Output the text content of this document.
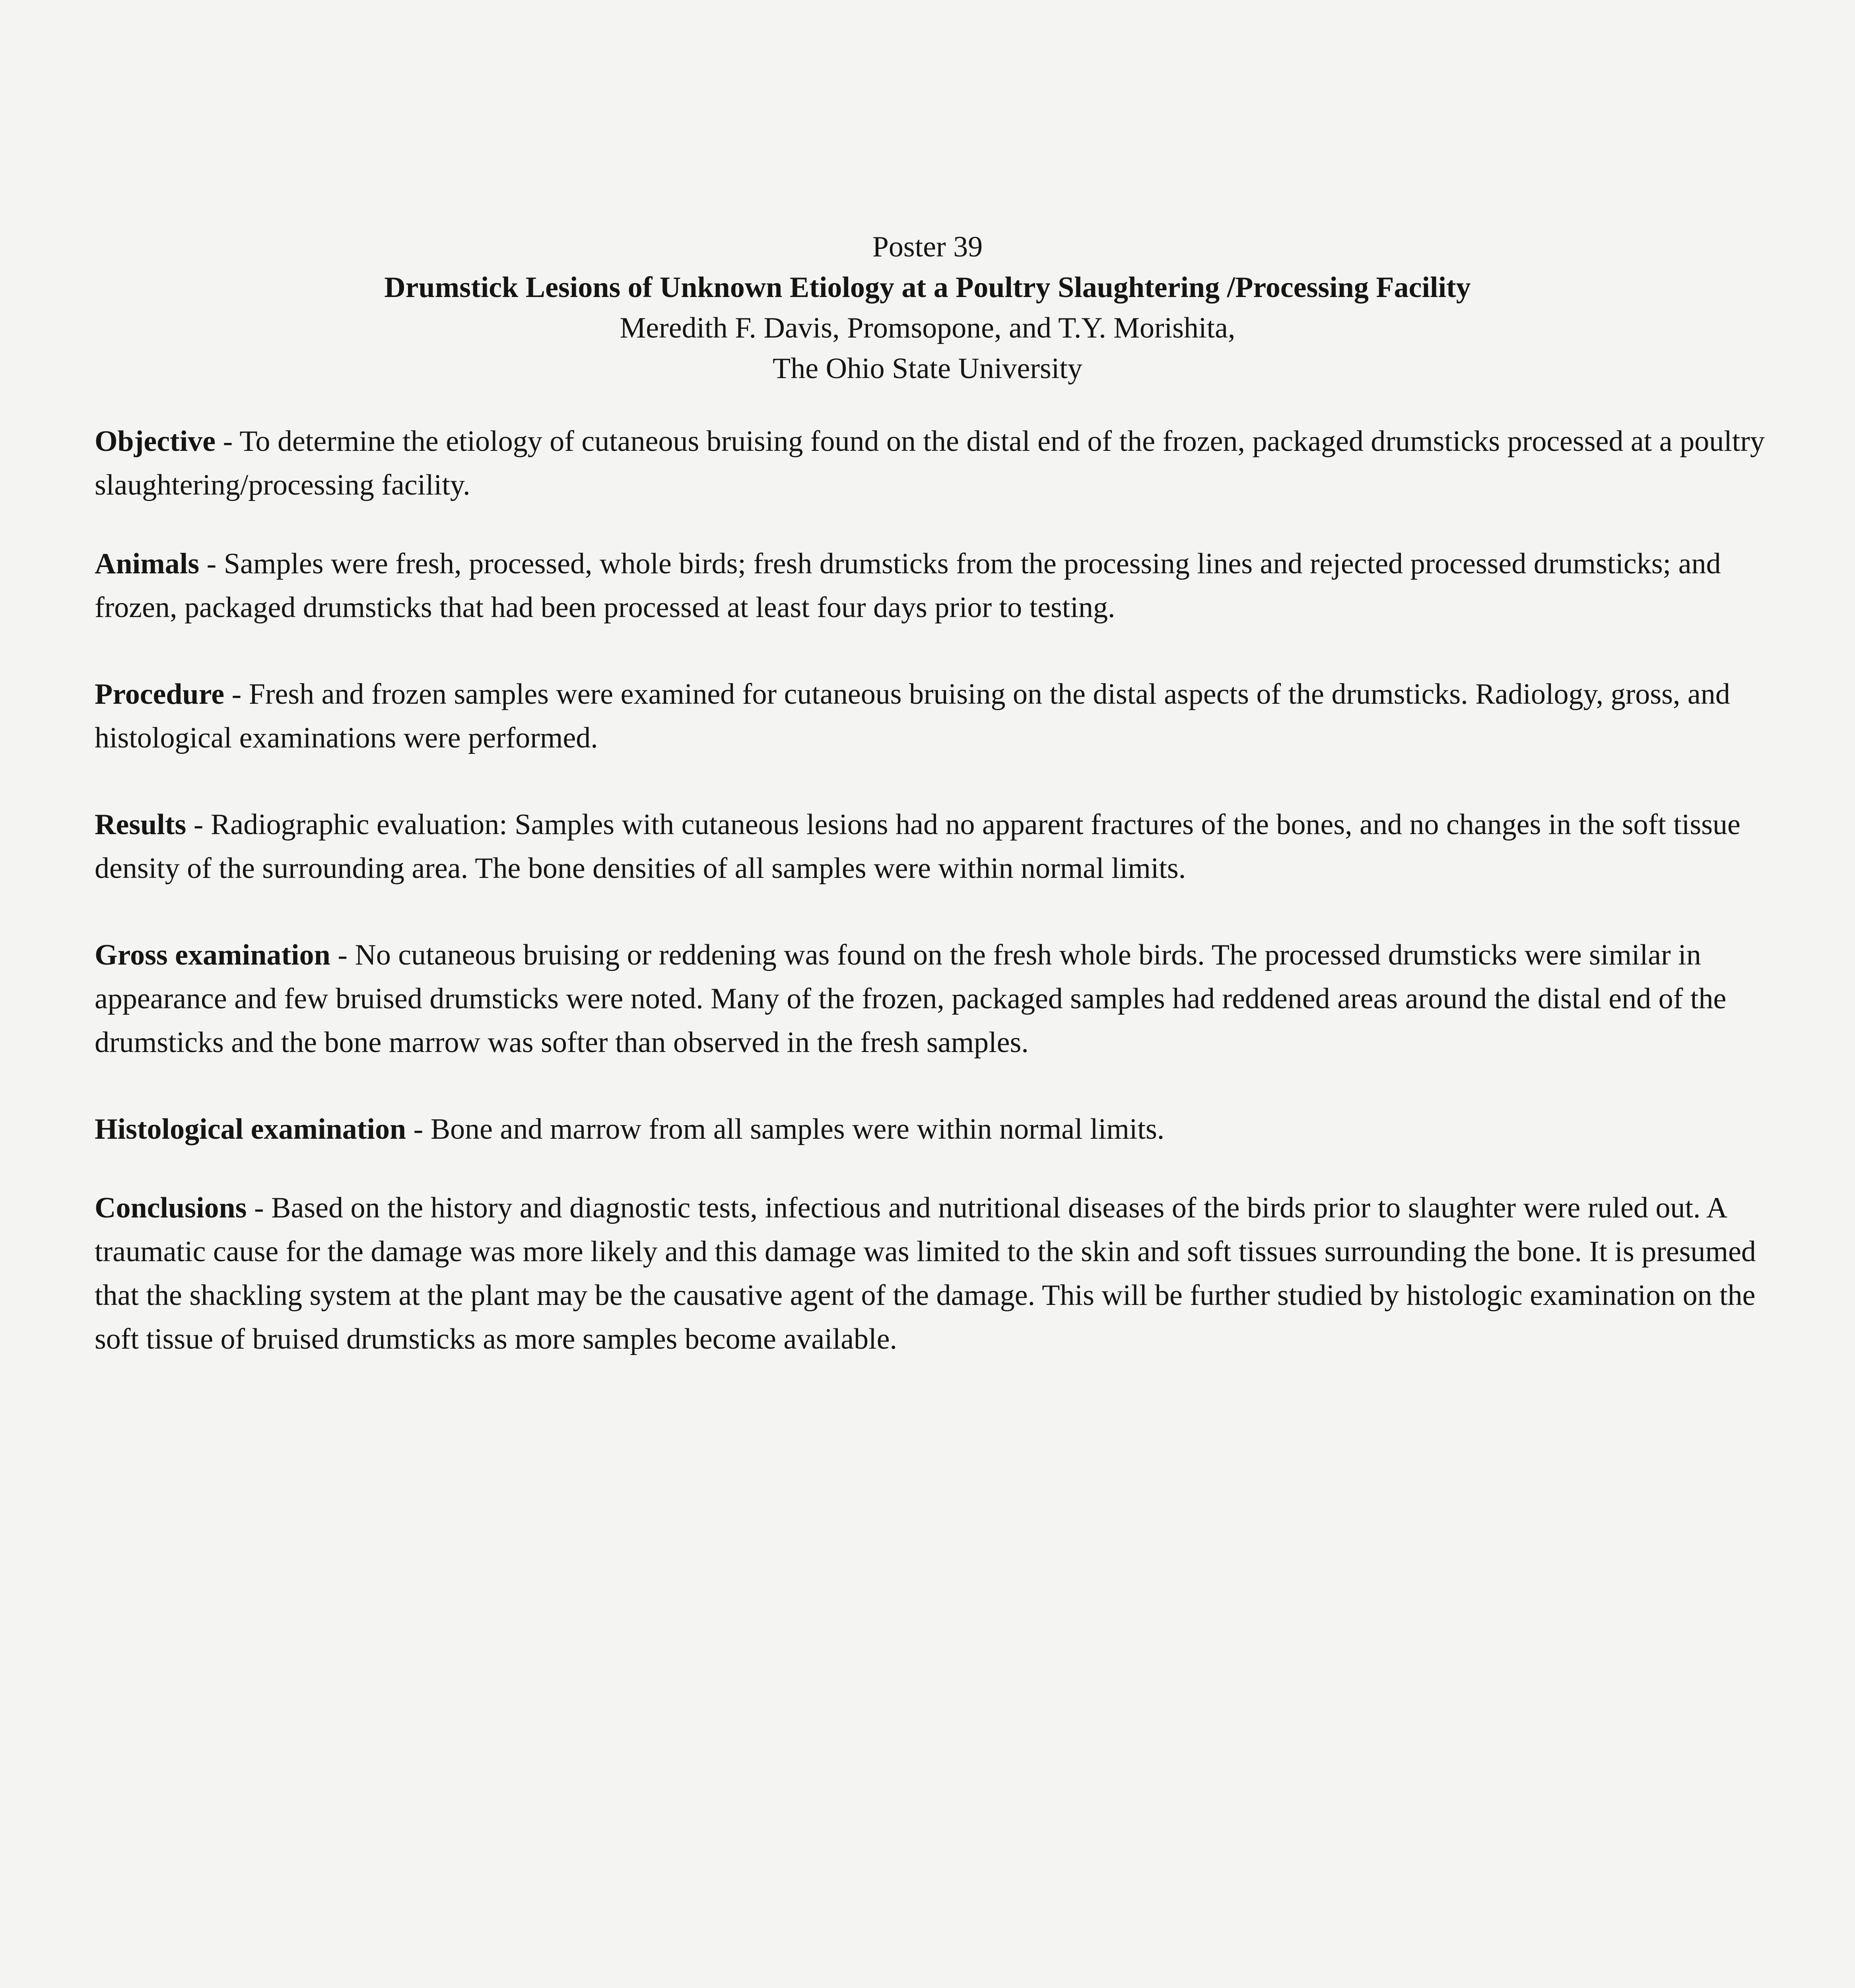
Poster 39
Drumstick Lesions of Unknown Etiology at a Poultry Slaughtering /Processing Facility
Meredith F. Davis, Promsopone, and T.Y. Morishita,
The Ohio State University

Objective - To determine the etiology of cutaneous bruising found on the distal end of the frozen, packaged drumsticks processed at a poultry slaughtering/processing facility.

Animals - Samples were fresh, processed, whole birds; fresh drumsticks from the processing lines and rejected processed drumsticks; and frozen, packaged drumsticks that had been processed at least four days prior to testing.

Procedure - Fresh and frozen samples were examined for cutaneous bruising on the distal aspects of the drumsticks. Radiology, gross, and histological examinations were performed.

Results - Radiographic evaluation: Samples with cutaneous lesions had no apparent fractures of the bones, and no changes in the soft tissue density of the surrounding area. The bone densities of all samples were within normal limits.

Gross examination - No cutaneous bruising or reddening was found on the fresh whole birds. The processed drumsticks were similar in appearance and few bruised drumsticks were noted. Many of the frozen, packaged samples had reddened areas around the distal end of the drumsticks and the bone marrow was softer than observed in the fresh samples.

Histological examination - Bone and marrow from all samples were within normal limits.

Conclusions - Based on the history and diagnostic tests, infectious and nutritional diseases of the birds prior to slaughter were ruled out. A traumatic cause for the damage was more likely and this damage was limited to the skin and soft tissues surrounding the bone. It is presumed that the shackling system at the plant may be the causative agent of the damage. This will be further studied by histologic examination on the soft tissue of bruised drumsticks as more samples become available.
